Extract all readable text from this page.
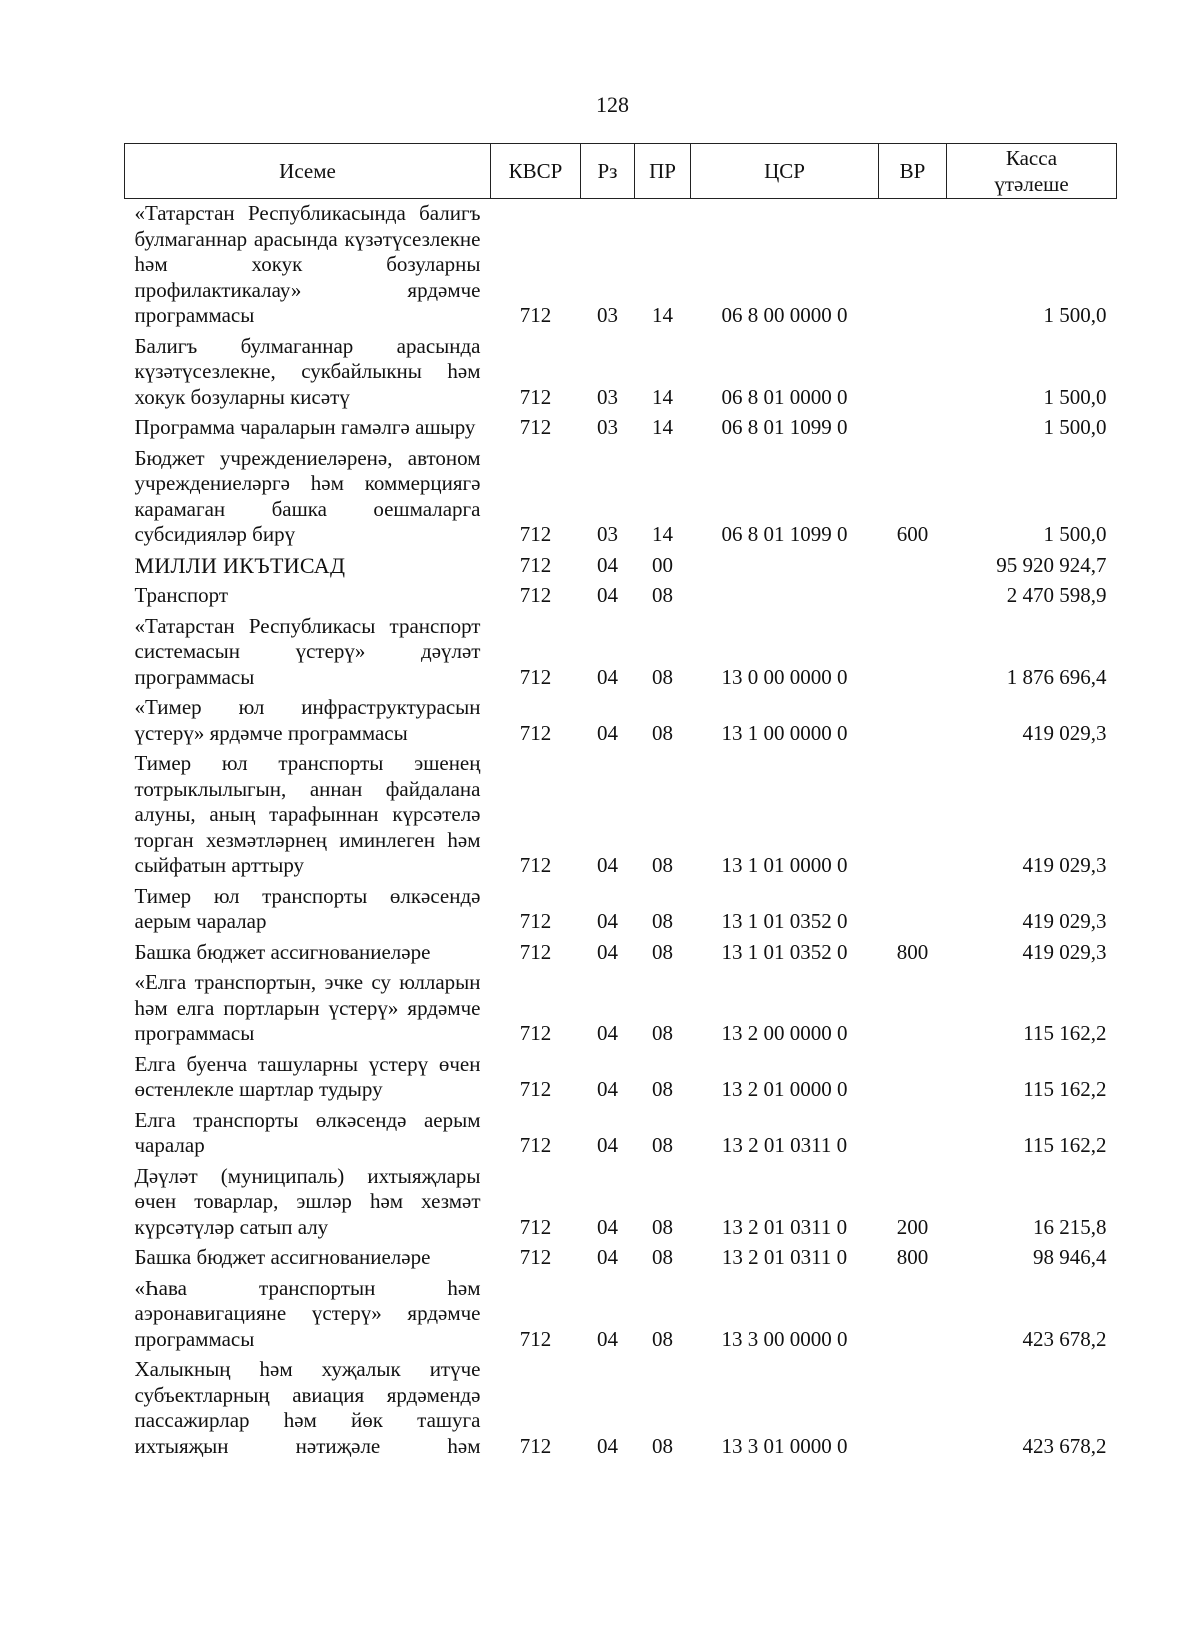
128
Исеме	КВСР	Рз	ПР	ЦСР	ВР	Касса үтәлеше
«Татарстан Республикасында балигъ булмаганнар арасында күзәтүсезлекне һәм хокук бозуларны профилактикалау» ярдәмче программасы	712	03	14	06 8 00 0000 0		1 500,0
Балигъ булмаганнар арасында күзәтүсезлекне, сукбайлыкны һәм хокук бозуларны кисәтү	712	03	14	06 8 01 0000 0		1 500,0
Программа чараларын гамәлгә ашыру	712	03	14	06 8 01 1099 0		1 500,0
Бюджет учреждениеләренә, автоном учреждениеләргә һәм коммерциягә карамаган башка оешмаларга субсидияләр бирү	712	03	14	06 8 01 1099 0	600	1 500,0
МИЛЛИ ИКЪТИСАД	712	04	00			95 920 924,7
Транспорт	712	04	08			2 470 598,9
«Татарстан Республикасы транспорт системасын үстерү» дәүләт программасы	712	04	08	13 0 00 0000 0		1 876 696,4
«Тимер юл инфраструктурасын үстерү» ярдәмче программасы	712	04	08	13 1 00 0000 0		419 029,3
Тимер юл транспорты эшенең тотрыклылыгын, аннан файдалана алуны, аның тарафыннан күрсәтелә торган хезмәтләрнең иминлеген һәм сыйфатын арттыру	712	04	08	13 1 01 0000 0		419 029,3
Тимер юл транспорты өлкәсендә аерым чаралар	712	04	08	13 1 01 0352 0		419 029,3
Башка бюджет ассигнованиеләре	712	04	08	13 1 01 0352 0	800	419 029,3
«Елга транспортын, эчке су юлларын һәм елга портларын үстерү» ярдәмче программасы	712	04	08	13 2 00 0000 0		115 162,2
Елга буенча ташуларны үстерү өчен өстенлекле шартлар тудыру	712	04	08	13 2 01 0000 0		115 162,2
Елга транспорты өлкәсендә аерым чаралар	712	04	08	13 2 01 0311 0		115 162,2
Дәүләт (муниципаль) ихтыяҗлары өчен товарлар, эшләр һәм хезмәт күрсәтүләр сатып алу	712	04	08	13 2 01 0311 0	200	16 215,8
Башка бюджет ассигнованиеләре	712	04	08	13 2 01 0311 0	800	98 946,4
«Һава транспортын һәм аэронавигацияне үстерү» ярдәмче программасы	712	04	08	13 3 00 0000 0		423 678,2
Халыкның һәм хуҗалык итүче субъектларның авиация ярдәмендә пассажирлар һәм йөк ташуга ихтыяҗын нәтиҗәле һәм	712	04	08	13 3 01 0000 0		423 678,2
